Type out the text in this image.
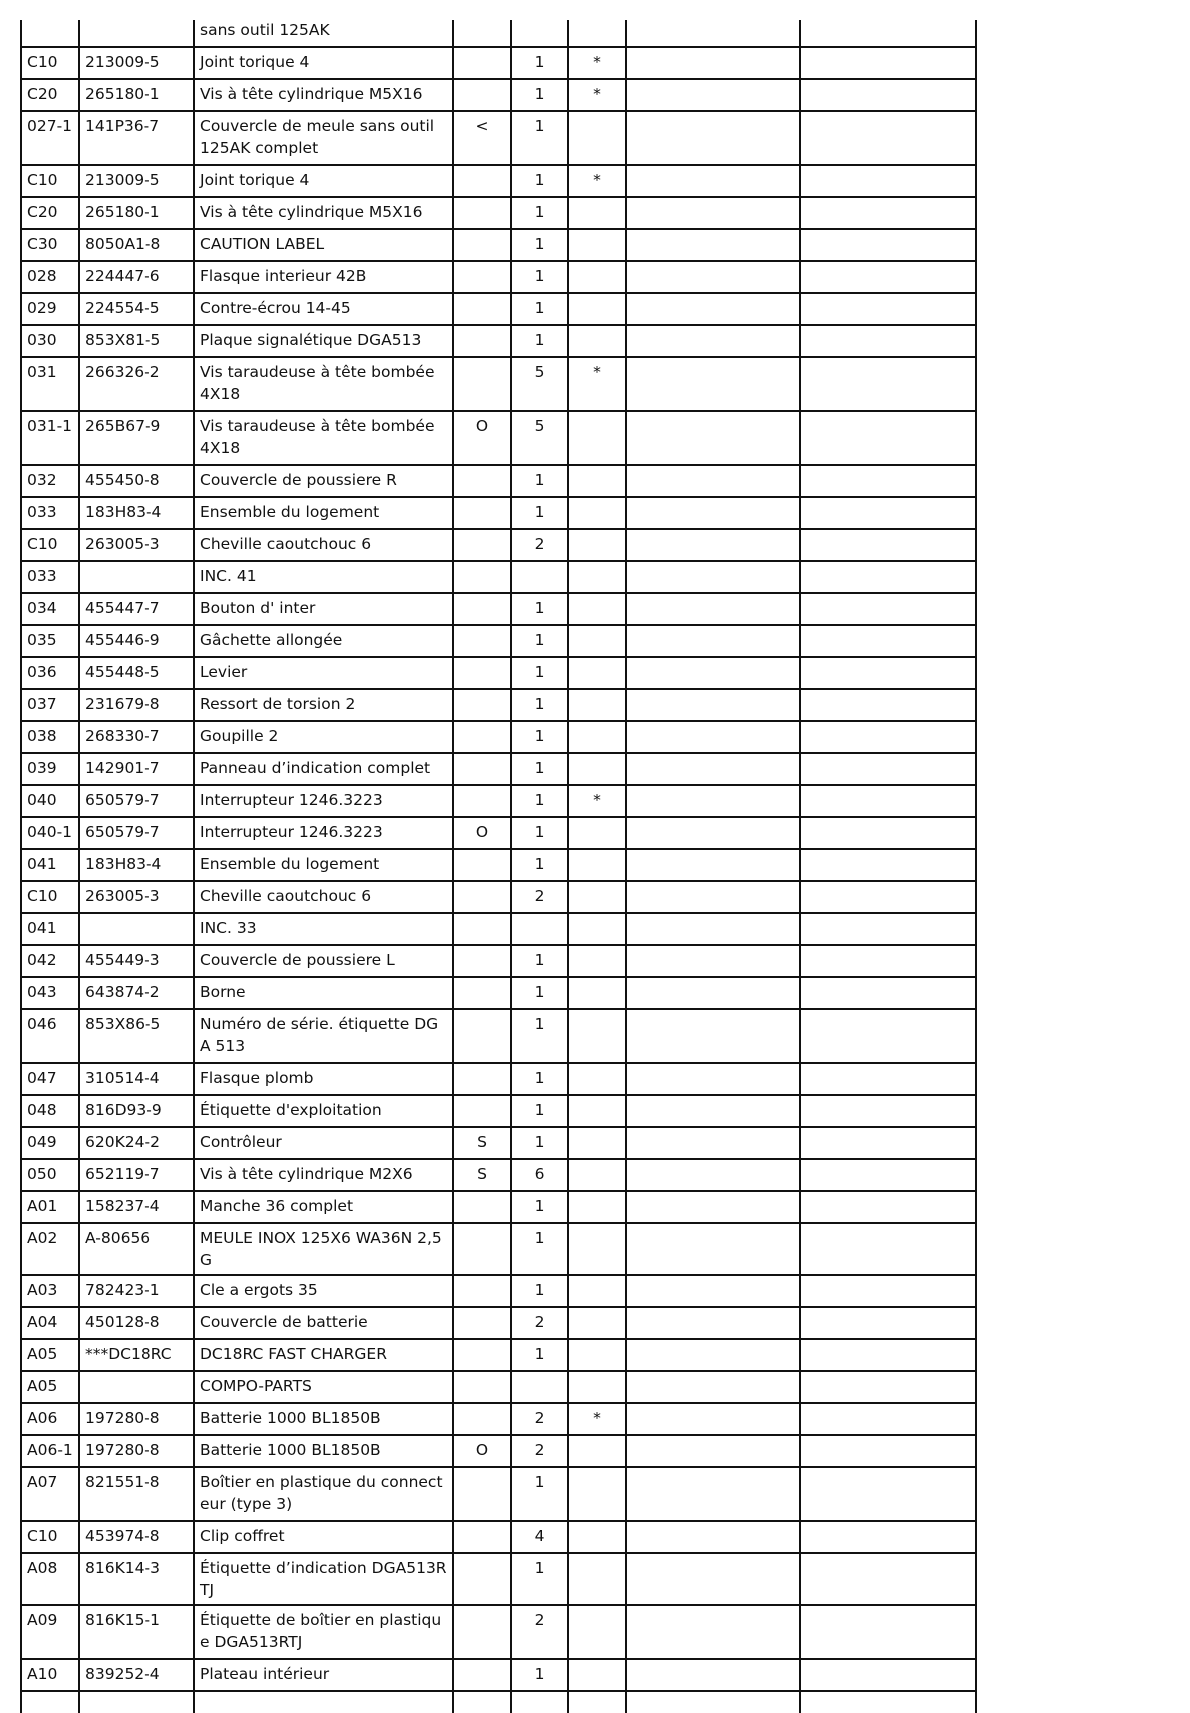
		sans outil 125AK					
C10	213009-5	Joint torique 4		1	*		
C20	265180-1	Vis à tête cylindrique M5X16		1	*		
027-1	141P36-7	Couvercle de meule sans outil 125AK complet	<	1			
C10	213009-5	Joint torique 4		1	*		
C20	265180-1	Vis à tête cylindrique M5X16		1			
C30	8050A1-8	CAUTION LABEL		1			
028	224447-6	Flasque interieur 42B		1			
029	224554-5	Contre-écrou 14-45		1			
030	853X81-5	Plaque signalétique DGA513		1			
031	266326-2	Vis taraudeuse à tête bombée 4X18		5	*		
031-1	265B67-9	Vis taraudeuse à tête bombée 4X18	O	5			
032	455450-8	Couvercle de poussiere R		1			
033	183H83-4	Ensemble du logement		1			
C10	263005-3	Cheville caoutchouc 6		2			
033		INC. 41					
034	455447-7	Bouton d' inter		1			
035	455446-9	Gâchette allongée		1			
036	455448-5	Levier		1			
037	231679-8	Ressort de torsion 2		1			
038	268330-7	Goupille 2		1			
039	142901-7	Panneau d’indication complet		1			
040	650579-7	Interrupteur 1246.3223		1	*		
040-1	650579-7	Interrupteur 1246.3223	O	1			
041	183H83-4	Ensemble du logement		1			
C10	263005-3	Cheville caoutchouc 6		2			
041		INC. 33					
042	455449-3	Couvercle de poussiere L		1			
043	643874-2	Borne		1			
046	853X86-5	Numéro de série. étiquette DGA 513		1			
047	310514-4	Flasque plomb		1			
048	816D93-9	Étiquette d'exploitation		1			
049	620K24-2	Contrôleur	S	1			
050	652119-7	Vis à tête cylindrique M2X6	S	6			
A01	158237-4	Manche 36 complet		1			
A02	A-80656	MEULE INOX 125X6 WA36N 2,5G		1			
A03	782423-1	Cle a ergots 35		1			
A04	450128-8	Couvercle de batterie		2			
A05	***DC18RC	DC18RC FAST CHARGER		1			
A05		COMPO-PARTS					
A06	197280-8	Batterie 1000 BL1850B		2	*		
A06-1	197280-8	Batterie 1000 BL1850B	O	2			
A07	821551-8	Boîtier en plastique du connecteur (type 3)		1			
C10	453974-8	Clip coffret		4			
A08	816K14-3	Étiquette d’indication DGA513RTJ		1			
A09	816K15-1	Étiquette de boîtier en plastique DGA513RTJ		2			
A10	839252-4	Plateau intérieur		1			
